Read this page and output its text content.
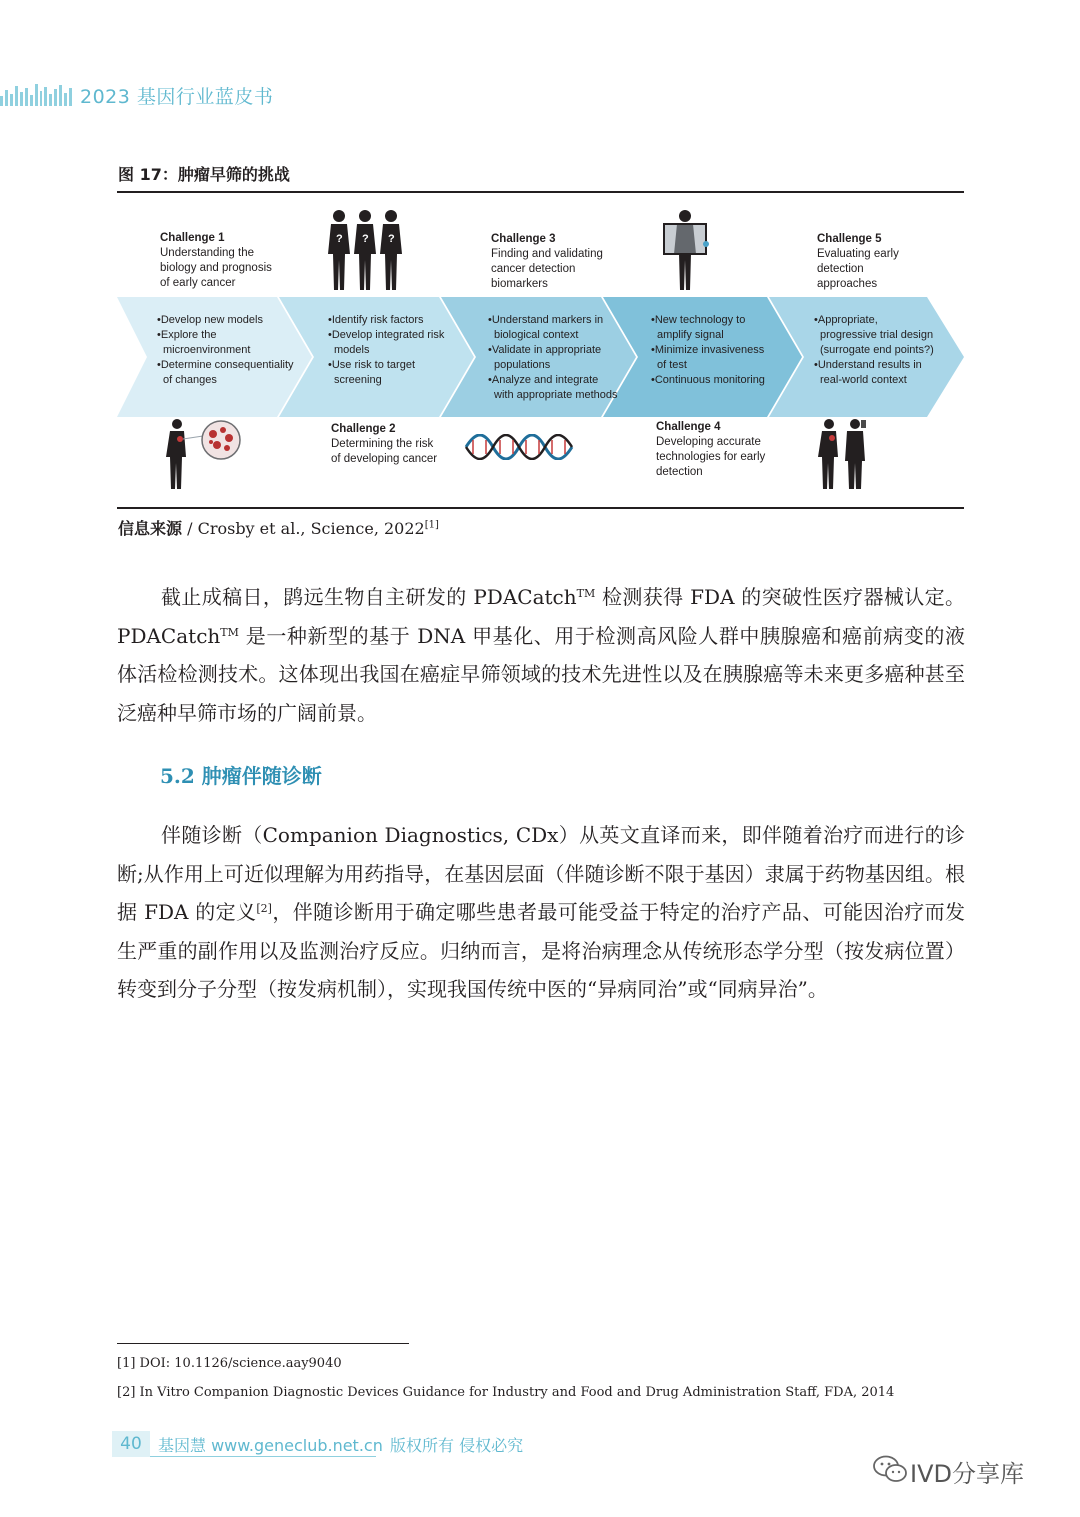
2023 基因行业蓝皮书
图 17：肿瘤早筛的挑战
Challenge 1
Understanding the
biology and prognosis
of early cancer
Challenge 3
Finding and validating
cancer detection
biomarkers
Challenge 5
Evaluating early
detection
approaches
Challenge 2
Determining the risk
of developing cancer
Challenge 4
Developing accurate
technologies for early
detection
• Develop new models
• Explore the microenvironment
• Determine consequentiality of changes
• Identify risk factors
• Develop integrated risk models
• Use risk to target screening
• Understand markers in biological context
• Validate in appropriate populations
• Analyze and integrate with appropriate methods
• New technology to amplify signal
• Minimize invasiveness of test
• Continuous monitoring
• Appropriate, progressive trial design (surrogate end points?)
• Understand results in real-world context
? ? ?
信息来源 / Crosby et al., Science, 2022[1]
截止成稿日，鹍远生物自主研发的 PDACatch™ 检测获得 FDA 的突破性医疗器械认定。PDACatch™ 是一种新型的基于 DNA 甲基化、用于检测高风险人群中胰腺癌和癌前病变的液体活检检测技术。这体现出我国在癌症早筛领域的技术先进性以及在胰腺癌等未来更多癌种甚至泛癌种早筛市场的广阔前景。
5.2 肿瘤伴随诊断
伴随诊断（Companion Diagnostics, CDx）从英文直译而来，即伴随着治疗而进行的诊断;从作用上可近似理解为用药指导，在基因层面（伴随诊断不限于基因）隶属于药物基因组。根据 FDA 的定义[2]，伴随诊断用于确定哪些患者最可能受益于特定的治疗产品、可能因治疗而发生严重的副作用以及监测治疗反应。归纳而言，是将治病理念从传统形态学分型（按发病位置）转变到分子分型（按发病机制），实现我国传统中医的“异病同治”或“同病异治”。
[1] DOI: 10.1126/science.aay9040
[2] In Vitro Companion Diagnostic Devices Guidance for Industry and Food and Drug Administration Staff, FDA, 2014
40	基因慧 www.geneclub.net.cn 版权所有 侵权必究
IVD分享库
